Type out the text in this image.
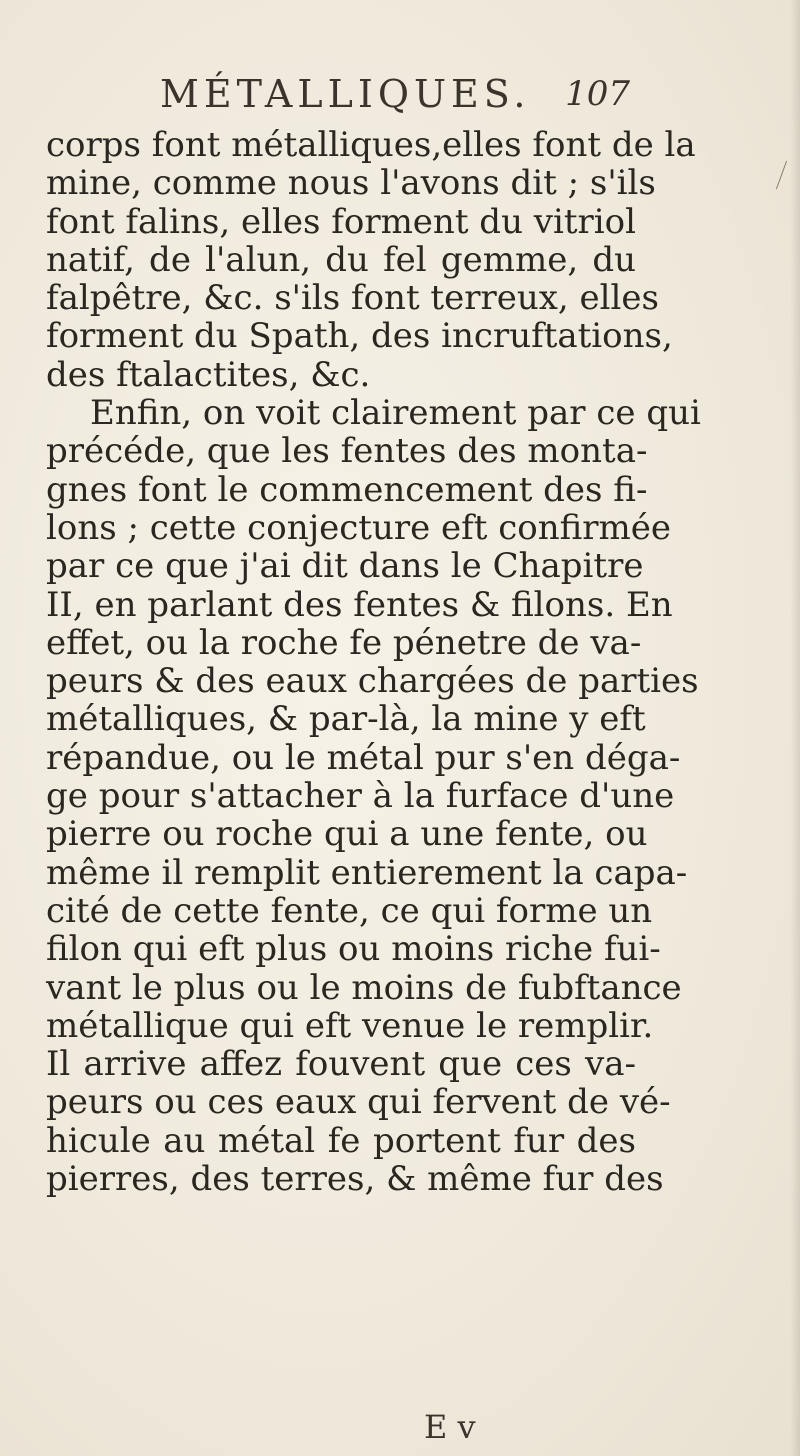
MÉTALLIQUES. 107
corps font métalliques,elles font de la
mine, comme nous l'avons dit ; s'ils
font falins, elles forment du vitriol
natif, de l'alun, du fel gemme, du
falpêtre, &c. s'ils font terreux, elles
forment du Spath, des incruftations,
des ftalactites, &c.
Enfin, on voit clairement par ce qui
précéde, que les fentes des monta-
gnes font le commencement des fi-
lons ; cette conjecture eft confirmée
par ce que j'ai dit dans le Chapitre
II, en parlant des fentes & filons. En
effet, ou la roche fe pénetre de va-
peurs & des eaux chargées de parties
métalliques, & par-là, la mine y eft
répandue, ou le métal pur s'en déga-
ge pour s'attacher à la furface d'une
pierre ou roche qui a une fente, ou
même il remplit entierement la capa-
cité de cette fente, ce qui forme un
filon qui eft plus ou moins riche fui-
vant le plus ou le moins de fubftance
métallique qui eft venue le remplir.
Il arrive affez fouvent que ces va-
peurs ou ces eaux qui fervent de vé-
hicule au métal fe portent fur des
pierres, des terres, & même fur des
E v
